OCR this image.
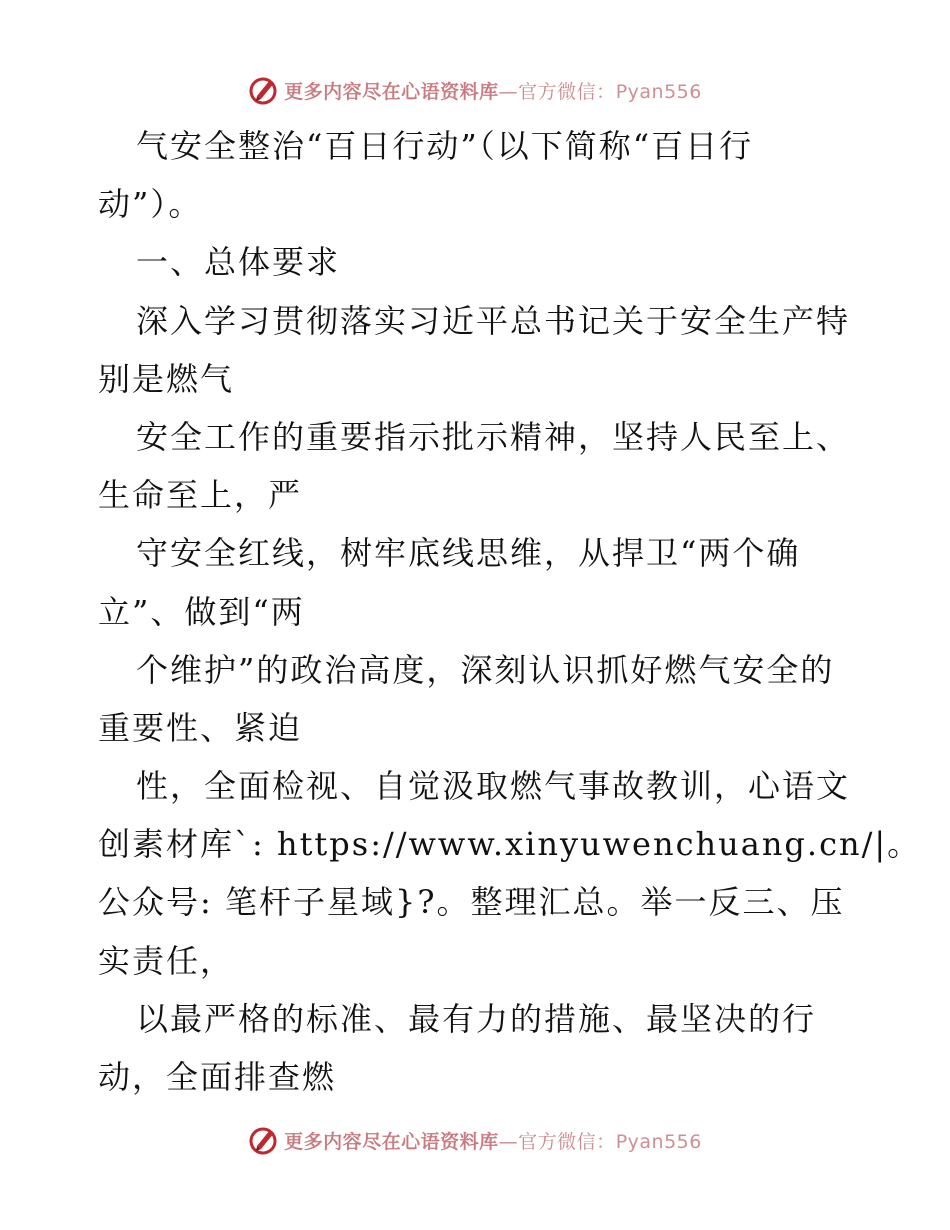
更多内容尽在心语资料库—官方微信：Pyan556
气安全整治“百日行动”（以下简称“百日行
动”）。
一、总体要求
深入学习贯彻落实习近平总书记关于安全生产特
别是燃气
安全工作的重要指示批示精神，坚持人民至上、
生命至上，严
守安全红线，树牢底线思维，从捍卫“两个确
立”、做到“两
个维护”的政治高度，深刻认识抓好燃气安全的
重要性、紧迫
性，全面检视、自觉汲取燃气事故教训，心语文
创素材库`: https://www.xinyuwenchuang.cn/|。
公众号: 笔杆子星域}?。整理汇总。举一反三、压
实责任，
以最严格的标准、最有力的措施、最坚决的行
动，全面排查燃
更多内容尽在心语资料库—官方微信：Pyan556
